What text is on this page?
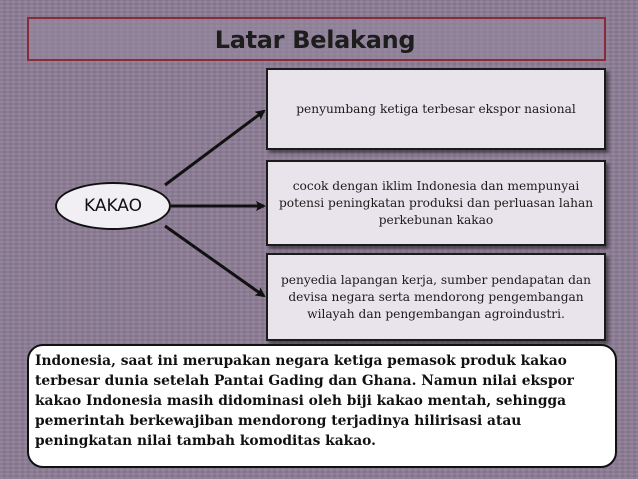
Latar Belakang
KAKAO
penyumbang ketiga terbesar ekspor nasional
cocok dengan iklim Indonesia dan mempunyai potensi peningkatan produksi dan perluasan lahan perkebunan kakao
penyedia lapangan kerja, sumber pendapatan dan devisa negara serta mendorong pengembangan wilayah dan pengembangan agroindustri.
Indonesia, saat ini merupakan negara ketiga pemasok produk kakao terbesar dunia setelah Pantai Gading dan Ghana. Namun nilai ekspor kakao Indonesia masih didominasi oleh biji kakao mentah, sehingga pemerintah berkewajiban mendorong terjadinya hilirisasi atau peningkatan nilai tambah komoditas kakao.
